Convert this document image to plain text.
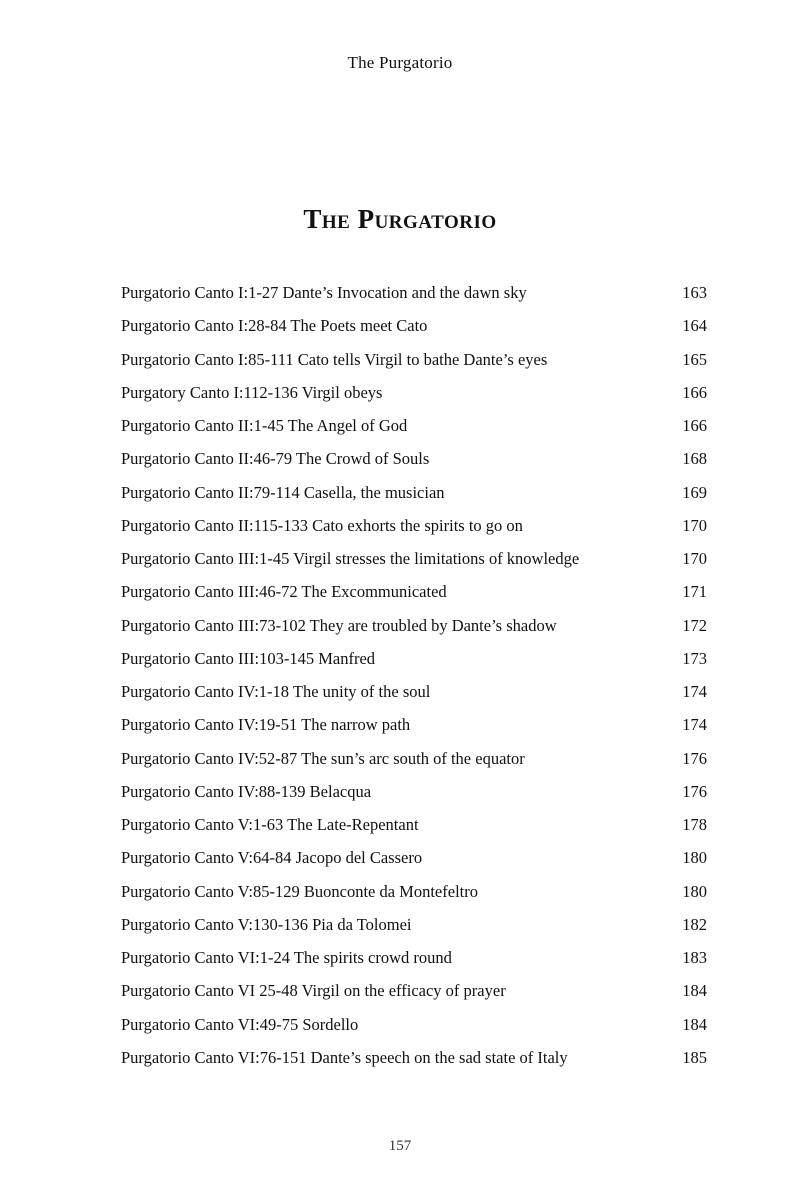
The Purgatorio
The Purgatorio
Purgatorio Canto I:1-27 Dante’s Invocation and the dawn sky	163
Purgatorio Canto I:28-84 The Poets meet Cato	164
Purgatorio Canto I:85-111 Cato tells Virgil to bathe Dante’s eyes	165
Purgatory Canto I:112-136 Virgil obeys	166
Purgatorio Canto II:1-45 The Angel of God	166
Purgatorio Canto II:46-79 The Crowd of Souls	168
Purgatorio Canto II:79-114 Casella, the musician	169
Purgatorio Canto II:115-133 Cato exhorts the spirits to go on	170
Purgatorio Canto III:1-45 Virgil stresses the limitations of knowledge	170
Purgatorio Canto III:46-72 The Excommunicated	171
Purgatorio Canto III:73-102 They are troubled by Dante’s shadow	172
Purgatorio Canto III:103-145 Manfred	173
Purgatorio Canto IV:1-18 The unity of the soul	174
Purgatorio Canto IV:19-51 The narrow path	174
Purgatorio Canto IV:52-87 The sun’s arc south of the equator	176
Purgatorio Canto IV:88-139 Belacqua	176
Purgatorio Canto V:1-63 The Late-Repentant	178
Purgatorio Canto V:64-84 Jacopo del Cassero	180
Purgatorio Canto V:85-129 Buonconte da Montefeltro	180
Purgatorio Canto V:130-136 Pia da Tolomei	182
Purgatorio Canto VI:1-24 The spirits crowd round	183
Purgatorio Canto VI 25-48 Virgil on the efficacy of prayer	184
Purgatorio Canto VI:49-75 Sordello	184
Purgatorio Canto VI:76-151 Dante’s speech on the sad state of Italy	185
157
